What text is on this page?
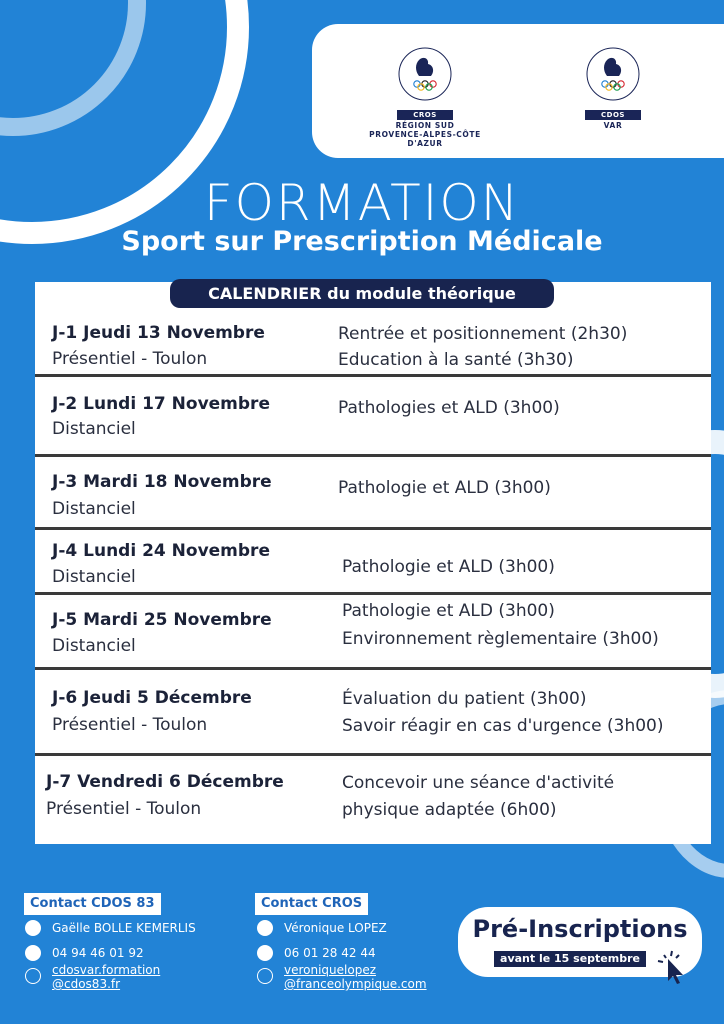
CROS
RÉGION SUD
PROVENCE-ALPES-CÔTE D'AZUR
CDOS
VAR
FORMATION
Sport sur Prescription Médicale
CALENDRIER du module théorique
J-1 Jeudi 13 Novembre
Présentiel - Toulon
Rentrée et positionnement (2h30)
Education à la santé (3h30)
J-2 Lundi 17 Novembre
Distanciel
Pathologies et ALD (3h00)
J-3 Mardi 18 Novembre
Distanciel
Pathologie et ALD (3h00)
J-4 Lundi 24 Novembre
Distanciel	Pathologie et ALD (3h00)
J-5 Mardi 25 Novembre
Distanciel
Pathologie et ALD (3h00)
Environnement règlementaire (3h00)
J-6 Jeudi 5 Décembre
Présentiel - Toulon
Évaluation du patient (3h00)
Savoir réagir en cas d'urgence (3h00)
J-7 Vendredi 6 Décembre
Présentiel - Toulon
Concevoir une séance d'activité
physique adaptée (6h00)
Contact CDOS 83
Gaëlle BOLLE KEMERLIS
04 94 46 01 92
cdosvar.formation
@cdos83.fr
Contact CROS
Véronique LOPEZ
06 01 28 42 44
veroniquelopez
@franceolympique.com
Pré-Inscriptions
avant le 15 septembre
